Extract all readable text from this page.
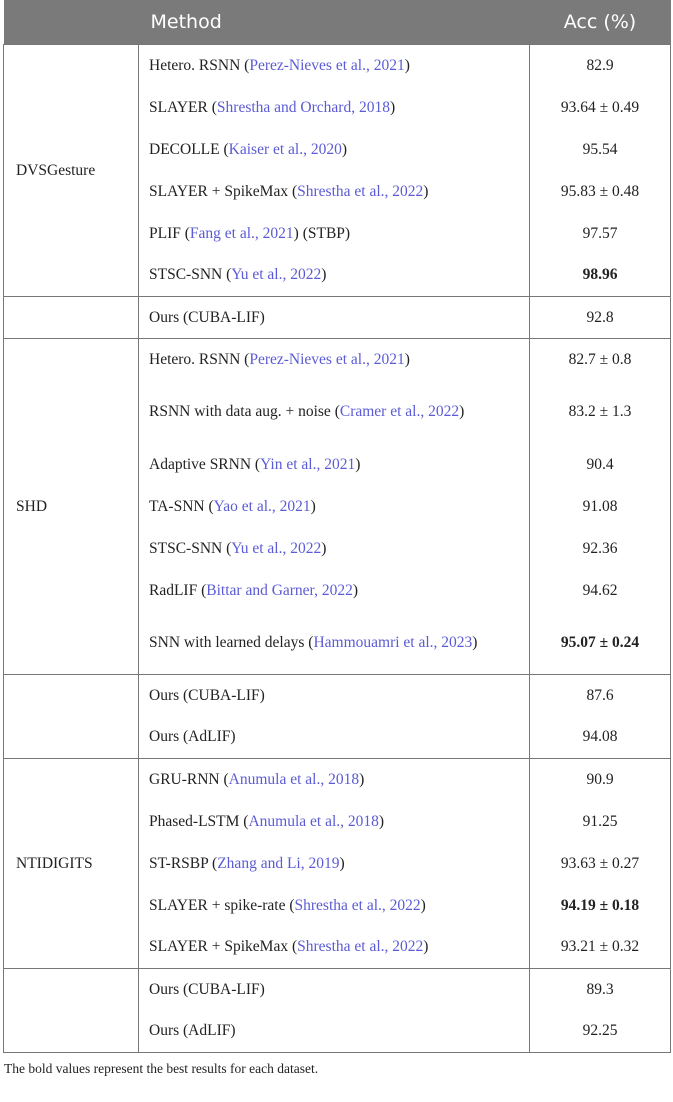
	Method	Acc (%)
DVSGesture	Hetero. RSNN (Perez-Nieves et al., 2021)	82.9
	SLAYER (Shrestha and Orchard, 2018)	93.64 ± 0.49
	DECOLLE (Kaiser et al., 2020)	95.54
	SLAYER + SpikeMax (Shrestha et al., 2022)	95.83 ± 0.48
	PLIF (Fang et al., 2021) (STBP)	97.57
	STSC-SNN (Yu et al., 2022)	98.96
	Ours (CUBA-LIF)	92.8
SHD	Hetero. RSNN (Perez-Nieves et al., 2021)	82.7 ± 0.8
	RSNN with data aug. + noise (Cramer et al., 2022)	83.2 ± 1.3
	Adaptive SRNN (Yin et al., 2021)	90.4
	TA-SNN (Yao et al., 2021)	91.08
	STSC-SNN (Yu et al., 2022)	92.36
	RadLIF (Bittar and Garner, 2022)	94.62
	SNN with learned delays (Hammouamri et al., 2023)	95.07 ± 0.24
	Ours (CUBA-LIF)	87.6
	Ours (AdLIF)	94.08
NTIDIGITS	GRU-RNN (Anumula et al., 2018)	90.9
	Phased-LSTM (Anumula et al., 2018)	91.25
	ST-RSBP (Zhang and Li, 2019)	93.63 ± 0.27
	SLAYER + spike-rate (Shrestha et al., 2022)	94.19 ± 0.18
	SLAYER + SpikeMax (Shrestha et al., 2022)	93.21 ± 0.32
	Ours (CUBA-LIF)	89.3
	Ours (AdLIF)	92.25
The bold values represent the best results for each dataset.
